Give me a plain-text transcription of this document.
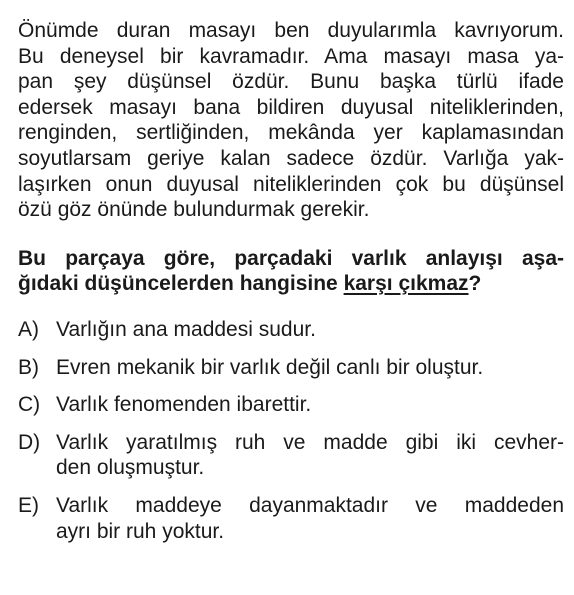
Önümde duran masayı ben duyularımla kavrıyorum.
Bu deneysel bir kavramadır. Ama masayı masa ya-
pan şey düşünsel özdür. Bunu başka türlü ifade
edersek masayı bana bildiren duyusal niteliklerinden,
renginden, sertliğinden, mekânda yer kaplamasından
soyutlarsam geriye kalan sadece özdür. Varlığa yak-
laşırken onun duyusal niteliklerinden çok bu düşünsel
özü göz önünde bulundurmak gerekir.
Bu parçaya göre, parçadaki varlık anlayışı aşa-
ğıdaki düşüncelerden hangisine karşı çıkmaz?
A) Varlığın ana maddesi sudur.
B) Evren mekanik bir varlık değil canlı bir oluştur.
C) Varlık fenomenden ibarettir.
D) Varlık yaratılmış ruh ve madde gibi iki cevher-
den oluşmuştur.
E) Varlık maddeye dayanmaktadır ve maddeden
ayrı bir ruh yoktur.
